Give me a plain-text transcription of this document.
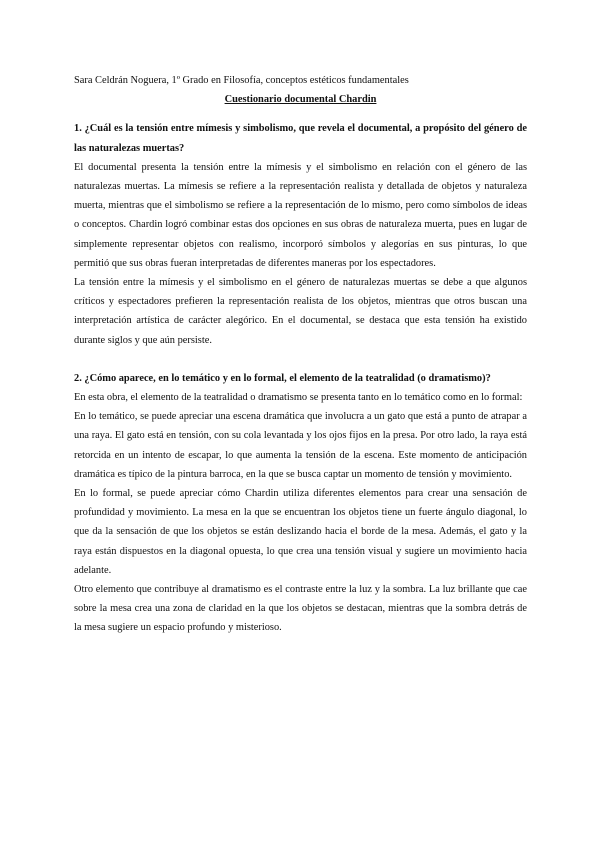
Sara Celdrán Noguera, 1º Grado en Filosofía, conceptos estéticos fundamentales

Cuestionario documental Chardin

1. ¿Cuál es la tensión entre mímesis y simbolismo, que revela el documental, a propósito del género de las naturalezas muertas?

El documental presenta la tensión entre la mímesis y el simbolismo en relación con el género de las naturalezas muertas. La mímesis se refiere a la representación realista y detallada de objetos y naturaleza muerta, mientras que el simbolismo se refiere a la representación de lo mismo, pero como símbolos de ideas o conceptos. Chardin logró combinar estas dos opciones en sus obras de naturaleza muerta, pues en lugar de simplemente representar objetos con realismo, incorporó símbolos y alegorías en sus pinturas, lo que permitió que sus obras fueran interpretadas de diferentes maneras por los espectadores.

La tensión entre la mímesis y el simbolismo en el género de naturalezas muertas se debe a que algunos críticos y espectadores prefieren la representación realista de los objetos, mientras que otros buscan una interpretación artística de carácter alegórico. En el documental, se destaca que esta tensión ha existido durante siglos y que aún persiste.

2. ¿Cómo aparece, en lo temático y en lo formal, el elemento de la teatralidad (o dramatismo)?

En esta obra, el elemento de la teatralidad o dramatismo se presenta tanto en lo temático como en lo formal:

En lo temático, se puede apreciar una escena dramática que involucra a un gato que está a punto de atrapar a una raya. El gato está en tensión, con su cola levantada y los ojos fijos en la presa. Por otro lado, la raya está retorcida en un intento de escapar, lo que aumenta la tensión de la escena. Este momento de anticipación dramática es típico de la pintura barroca, en la que se busca captar un momento de tensión y movimiento.

En lo formal, se puede apreciar cómo Chardin utiliza diferentes elementos para crear una sensación de profundidad y movimiento. La mesa en la que se encuentran los objetos tiene un fuerte ángulo diagonal, lo que da la sensación de que los objetos se están deslizando hacia el borde de la mesa. Además, el gato y la raya están dispuestos en la diagonal opuesta, lo que crea una tensión visual y sugiere un movimiento hacia adelante.

Otro elemento que contribuye al dramatismo es el contraste entre la luz y la sombra. La luz brillante que cae sobre la mesa crea una zona de claridad en la que los objetos se destacan, mientras que la sombra detrás de la mesa sugiere un espacio profundo y misterioso.
